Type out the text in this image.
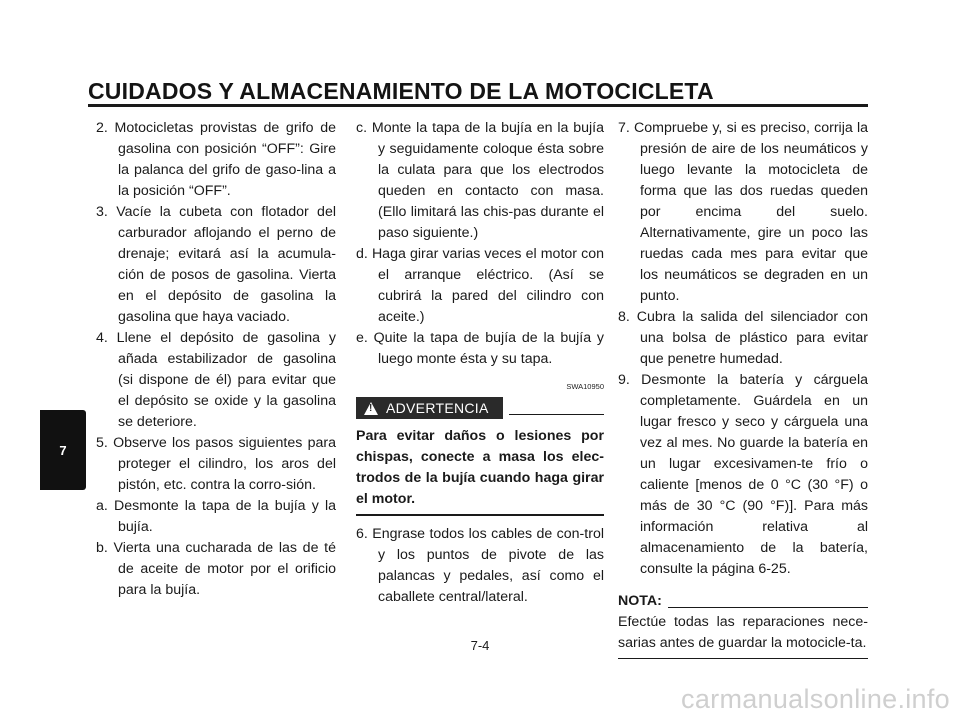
CUIDADOS Y ALMACENAMIENTO DE LA MOTOCICLETA
7

2. Motocicletas provistas de grifo de gasolina con posición “OFF”: Gire la palanca del grifo de gaso-lina a la posición “OFF”.

3. Vacíe la cubeta con flotador del carburador aflojando el perno de drenaje; evitará así la acumula-ción de posos de gasolina. Vierta en el depósito de gasolina la gasolina que haya vaciado.

4. Llene el depósito de gasolina y añada estabilizador de gasolina (si dispone de él) para evitar que el depósito se oxide y la gasolina se deteriore.

5. Observe los pasos siguientes para proteger el cilindro, los aros del pistón, etc. contra la corro-sión.

a. Desmonte la tapa de la bujía y la bujía.

b. Vierta una cucharada de las de té de aceite de motor por el orificio para la bujía.

c. Monte la tapa de la bujía en la bujía y seguidamente coloque ésta sobre la culata para que los electrodos queden en contacto con masa. (Ello limitará las chis-pas durante el paso siguiente.)

d. Haga girar varias veces el motor con el arranque eléctrico. (Así se cubrirá la pared del cilindro con aceite.)

e. Quite la tapa de bujía de la bujía y luego monte ésta y su tapa.

SWA10950
!
ADVERTENCIA
Para evitar daños o lesiones por chispas, conecte a masa los elec-trodos de la bujía cuando haga girar el motor.

6. Engrase todos los cables de con-trol y los puntos de pivote de las palancas y pedales, así como el caballete central/lateral.

7. Compruebe y, si es preciso, corrija la presión de aire de los neumáticos y luego levante la motocicleta de forma que las dos ruedas queden por encima del suelo. Alternativamente, gire un poco las ruedas cada mes para evitar que los neumáticos se degraden en un punto.

8. Cubra la salida del silenciador con una bolsa de plástico para evitar que penetre humedad.

9. Desmonte la batería y cárguela completamente. Guárdela en un lugar fresco y seco y cárguela una vez al mes. No guarde la batería en un lugar excesivamen-te frío o caliente [menos de 0 °C (30 °F) o más de 30 °C (90 °F)]. Para más información relativa al almacenamiento de la batería, consulte la página 6-25.

NOTA:

Efectúe todas las reparaciones nece-sarias antes de guardar la motocicle-ta.

7-4
carmanualsonline.info
